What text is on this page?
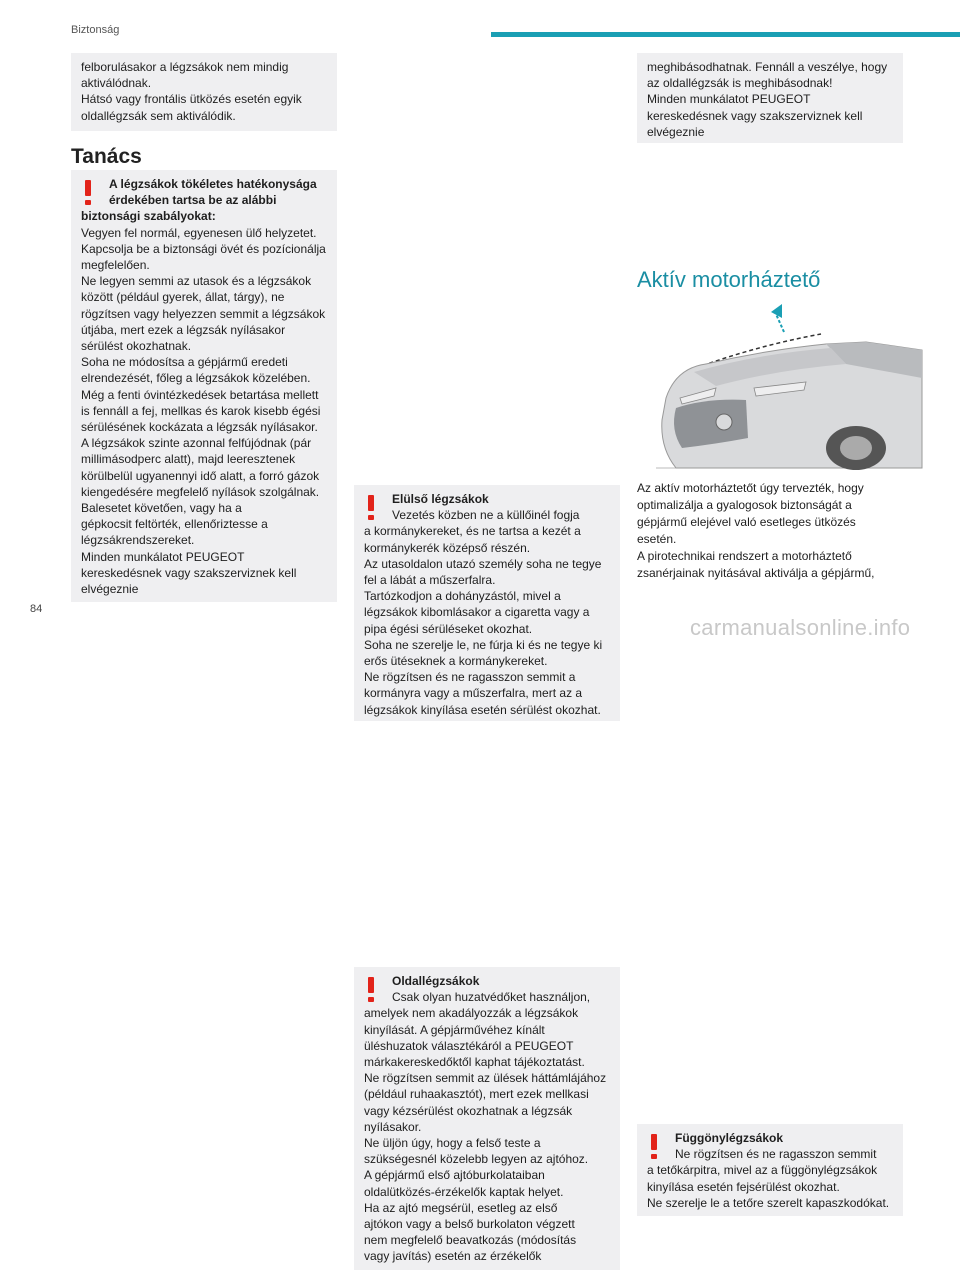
Biztonság

felborulásakor a légzsákok nem mindig

aktiválódnak.

Hátsó vagy frontális ütközés esetén egyik

oldallégzsák sem aktiválódik.

Tanács

A légzsákok tökéletes hatékonysága

érdekében tartsa be az alábbi

biztonsági szabályokat:

Vegyen fel normál, egyenesen ülő helyzetet.

Kapcsolja be a biztonsági övét és pozícionálja

megfelelően.

Ne legyen semmi az utasok és a légzsákok

között (például gyerek, állat, tárgy), ne

rögzítsen vagy helyezzen semmit a légzsákok

útjába, mert ezek a légzsák nyílásakor

sérülést okozhatnak.

Soha ne módosítsa a gépjármű eredeti

elrendezését, főleg a légzsákok közelében.

Még a fenti óvintézkedések betartása mellett

is fennáll a fej, mellkas és karok kisebb égési

sérülésének kockázata a légzsák nyílásakor.

A légzsákok szinte azonnal felfújódnak (pár

millimásodperc alatt), majd leeresztenek

körülbelül ugyanennyi idő alatt, a forró gázok

kiengedésére megfelelő nyílások szolgálnak.

Balesetet követően, vagy ha a

gépkocsit feltörték, ellenőriztesse a

légzsákrendszereket.

Minden munkálatot PEUGEOT

kereskedésnek vagy szakszerviznek kell

elvégeznie

Elülső légzsákok

Vezetés közben ne a küllőinél fogja

a kormánykereket, és ne tartsa a kezét a

kormánykerék középső részén.

Az utasoldalon utazó személy soha ne tegye

fel a lábát a műszerfalra.

Tartózkodjon a dohányzástól, mivel a

légzsákok kibomlásakor a cigaretta vagy a

pipa égési sérüléseket okozhat.

Soha ne szerelje le, ne fúrja ki és ne tegye ki

erős ütéseknek a kormánykereket.

Ne rögzítsen és ne ragasszon semmit a

kormányra vagy a műszerfalra, mert az a

légzsákok kinyílása esetén sérülést okozhat.

Oldallégzsákok

Csak olyan huzatvédőket használjon,

amelyek nem akadályozzák a légzsákok

kinyílását. A gépjárművéhez kínált

üléshuzatok választékáról a PEUGEOT

márkakereskedőktől kaphat tájékoztatást.

Ne rögzítsen semmit az ülések háttámlájához

(például ruhaakasztót), mert ezek mellkasi

vagy kézsérülést okozhatnak a légzsák

nyílásakor.

Ne üljön úgy, hogy a felső teste a

szükségesnél közelebb legyen az ajtóhoz.

A gépjármű első ajtóburkolataiban

oldalütközés-érzékelők kaptak helyet.

Ha az ajtó megsérül, esetleg az első

ajtókon vagy a belső burkolaton végzett

nem megfelelő beavatkozás (módosítás

vagy javítás) esetén az érzékelők

meghibásodhatnak. Fennáll a veszélye, hogy

az oldallégzsák is meghibásodnak!

Minden munkálatot PEUGEOT

kereskedésnek vagy szakszerviznek kell

elvégeznie

Függönylégzsákok

Ne rögzítsen és ne ragasszon semmit

a tetőkárpitra, mivel az a függönylégzsákok

kinyílása esetén fejsérülést okozhat.

Ne szerelje le a tetőre szerelt kapaszkodókat.

Aktív motorháztető

Az aktív motorháztetőt úgy tervezték, hogy

optimalizálja a gyalogosok biztonságát a

gépjármű elejével való esetleges ütközés

esetén.

A pirotechnikai rendszert a motorháztető

zsanérjainak nyitásával aktiválja a gépjármű,

84
carmanualsonline.info
